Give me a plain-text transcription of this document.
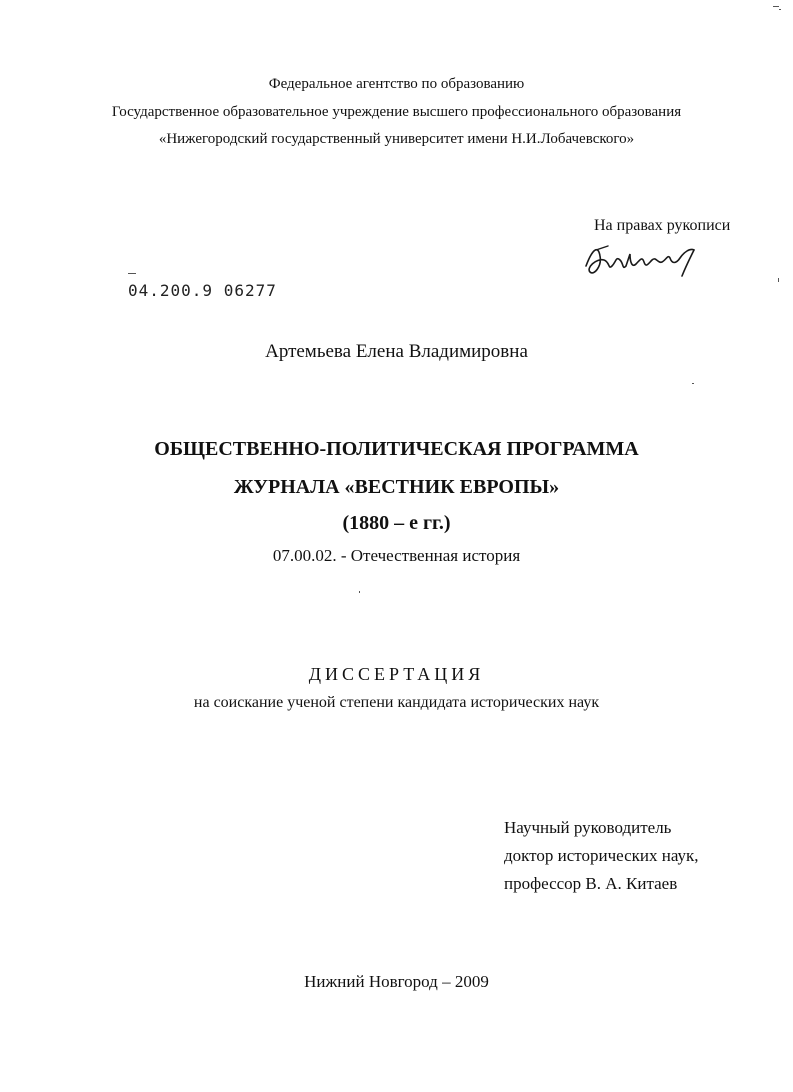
Федеральное агентство по образованию
Государственное образовательное учреждение высшего профессионального образования
«Нижегородский государственный университет имени Н.И.Лобачевского»
На правах рукописи
04.200.9 06277
Артемьева Елена Владимировна
ОБЩЕСТВЕННО-ПОЛИТИЧЕСКАЯ ПРОГРАММА
ЖУРНАЛА «ВЕСТНИК ЕВРОПЫ»
(1880 – е гг.)
07.00.02. - Отечественная история
ДИССЕРТАЦИЯ
на соискание ученой степени кандидата исторических наук
Научный руководитель
доктор исторических наук,
профессор В. А. Китаев
Нижний Новгород – 2009
